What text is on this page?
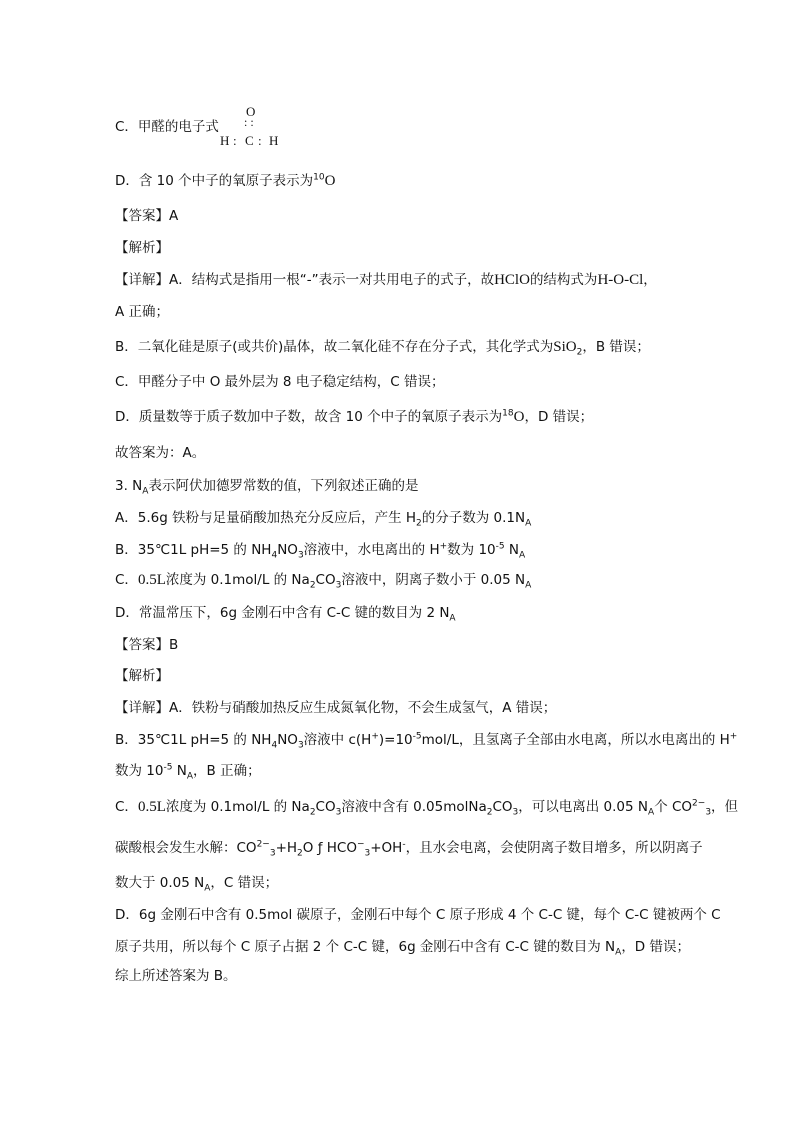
C．甲醛的电子式
O
: :
H : C : H
D．含 10 个中子的氧原子表示为$^{10}$O
【答案】A
【解析】
【详解】A．结构式是指用一根“-”表示一对共用电子的式子，故HClO的结构式为H-O-Cl，
A 正确；
B．二氧化硅是原子(或共价)晶体，故二氧化硅不存在分子式，其化学式为SiO$_2$，B 错误；
C．甲醛分子中 O 最外层为 8 电子稳定结构，C 错误；
D．质量数等于质子数加中子数，故含 10 个中子的氧原子表示为$^{18}$O，D 错误；
故答案为：A。
3. $N_A$表示阿伏加德罗常数的值，下列叙述正确的是
A．5.6g 铁粉与足量硝酸加热充分反应后，产生 $H_2$的分子数为 $0.1N_A$
B．35℃1L pH=5 的 $NH_4NO_3$溶液中，水电离出的 H+数为 $10^{-5}$ $N_A$
C．0.5L浓度为 0.1mol/L 的 $Na_2CO_3$溶液中，阴离子数小于 0.05 $N_A$
D．常温常压下，6g 金刚石中含有 C-C 键的数目为 2 $N_A$
【答案】B
【解析】
【详解】A．铁粉与硝酸加热反应生成氮氧化物，不会生成氢气，A 错误；
B．35℃1L pH=5 的 $NH_4NO_3$溶液中 $c(H^+)=10^{-5}mol/L$，且氢离子全部由水电离，所以水电离出的 H+
数为 $10^{-5}$ $N_A$，B 正确；
C．0.5L浓度为 0.1mol/L 的 $Na_2CO_3$溶液中含有 $0.05molNa_2CO_3$，可以电离出 0.05 $N_A$个 $CO^{2-}_3$，但
碳酸根会发生水解：$CO^{2-}_3+H_2O$ ƒ $HCO^-_3+OH^-$，且水会电离，会使阴离子数目增多，所以阴离子
数大于 0.05 $N_A$，C 错误；
D．6g 金刚石中含有 0.5mol 碳原子，金刚石中每个 C 原子形成 4 个 C-C 键，每个 C-C 键被两个 C
原子共用，所以每个 C 原子占据 2 个 C-C 键，6g 金刚石中含有 C-C 键的数目为 $N_A$，D 错误；
综上所述答案为 B。
